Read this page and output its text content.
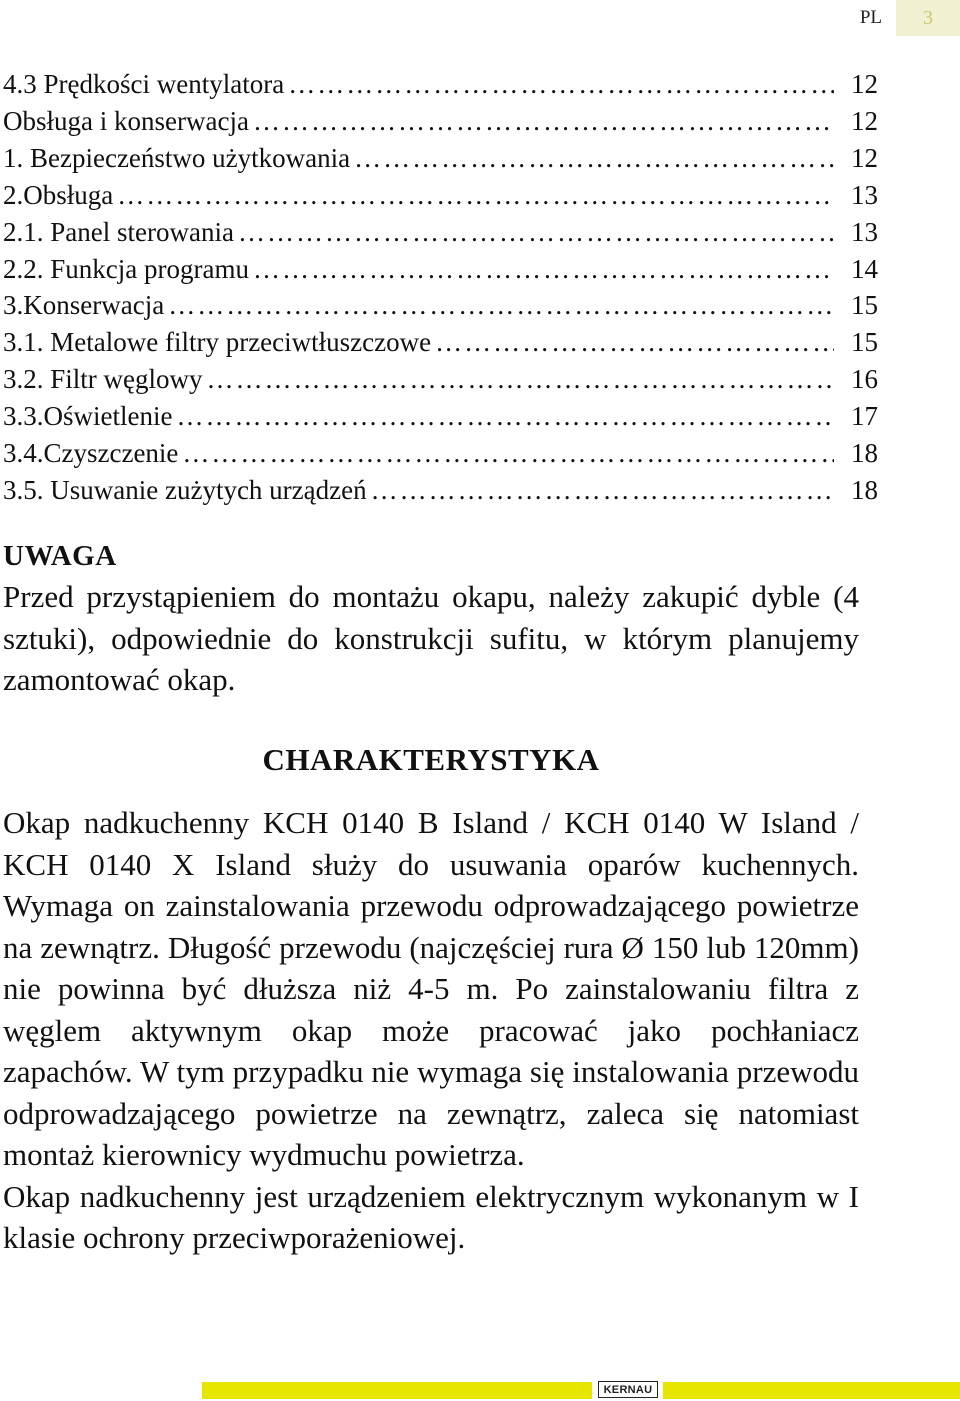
PL	3
4.3 Prędkości wentylatora ……………………………………………………………………………………………………………………………………………	12
Obsługa i konserwacja ……………………………………………………………………………………………………………………………………………	12
1. Bezpieczeństwo użytkowania ……………………………………………………………………………………………………………………………………………	12
2.Obsługa ……………………………………………………………………………………………………………………………………………	13
2.1. Panel sterowania ……………………………………………………………………………………………………………………………………………	13
2.2. Funkcja programu ……………………………………………………………………………………………………………………………………………	14
3.Konserwacja ……………………………………………………………………………………………………………………………………………	15
3.1. Metalowe filtry przeciwtłuszczowe ……………………………………………………………………………………………………………………………………………	15
3.2. Filtr węglowy ……………………………………………………………………………………………………………………………………………	16
3.3.Oświetlenie ……………………………………………………………………………………………………………………………………………	17
3.4.Czyszczenie ……………………………………………………………………………………………………………………………………………	18
3.5. Usuwanie zużytych urządzeń ……………………………………………………………………………………………………………………………………………	18
UWAGA

Przed przystąpieniem do montażu okapu, należy zakupić dyble (4 sztuki), odpowiednie do konstrukcji sufitu, w którym planujemy zamontować okap.

CHARAKTERYSTYKA

Okap nadkuchenny KCH 0140 B Island / KCH 0140 W Island / KCH 0140 X Island służy do usuwania oparów kuchennych. Wymaga on zainstalowania przewodu odprowadzającego powietrze na zewnątrz. Długość przewodu (najczęściej rura Ø 150 lub 120mm) nie powinna być dłuższa niż 4-5 m. Po zainstalowaniu filtra z węglem aktywnym okap może pracować jako pochłaniacz zapachów. W tym przypadku nie wymaga się instalowania przewodu odprowadzającego powietrze na zewnątrz, zaleca się natomiast montaż kierownicy wydmuchu powietrza.

Okap nadkuchenny jest urządzeniem elektrycznym wykonanym w I klasie ochrony przeciwporażeniowej.

KERNAU
